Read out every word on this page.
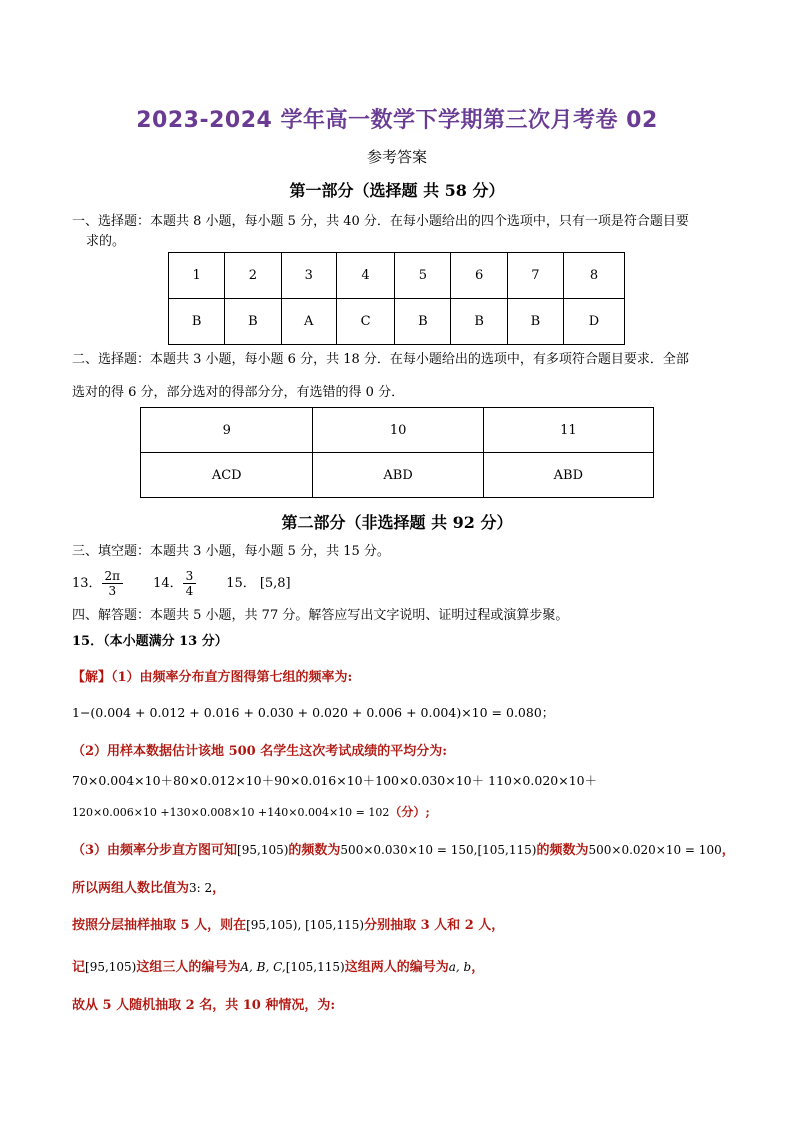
2023-2024 学年高一数学下学期第三次月考卷 02
参考答案
第一部分（选择题 共 58 分）
一、选择题：本题共 8 小题，每小题 5 分，共 40 分．在每小题给出的四个选项中，只有一项是符合题目要
求的。
1	2	3	4	5	6	7	8
B	B	A	C	B	B	B	D
二、选择题：本题共 3 小题，每小题 6 分，共 18 分．在每小题给出的选项中，有多项符合题目要求．全部
选对的得 6 分，部分选对的得部分分，有选错的得 0 分．
9	10	11
ACD	ABD	ABD
第二部分（非选择题 共 92 分）
三、填空题：本题共 3 小题，每小题 5 分，共 15 分。
13． $\frac{2\pi}{3} 14$． $\frac{3}{4} 15$． [5,8]
四、解答题：本题共 5 小题，共 77 分。解答应写出文字说明、证明过程或演算步聚。
15．（本小题满分 13 分）
【解】（1）由频率分布直方图得第七组的频率为:
1−(0.004 + 0.012 + 0.016 + 0.030 + 0.020 + 0.006 + 0.004)×10 = 0.080；
（2）用样本数据估计该地 500 名学生这次考试成绩的平均分为:
70×0.004×10＋80×0.012×10＋90×0.016×10＋100×0.030×10＋ 110×0.020×10＋
120×0.006×10 +130×0.008×10 +140×0.004×10 = 102（分）;
（3）由频率分步直方图可知[95,105)的频数为500×0.030×10 = 150,[105,115)的频数为500×0.020×10 = 100，
所以两组人数比值为3: 2，
按照分层抽样抽取 5 人，则在[95,105), [105,115)分别抽取 3 人和 2 人，
记[95,105)这组三人的编号为A, B, C,[105,115)这组两人的编号为a, b，
故从 5 人随机抽取 2 名，共 10 种情况，为:
